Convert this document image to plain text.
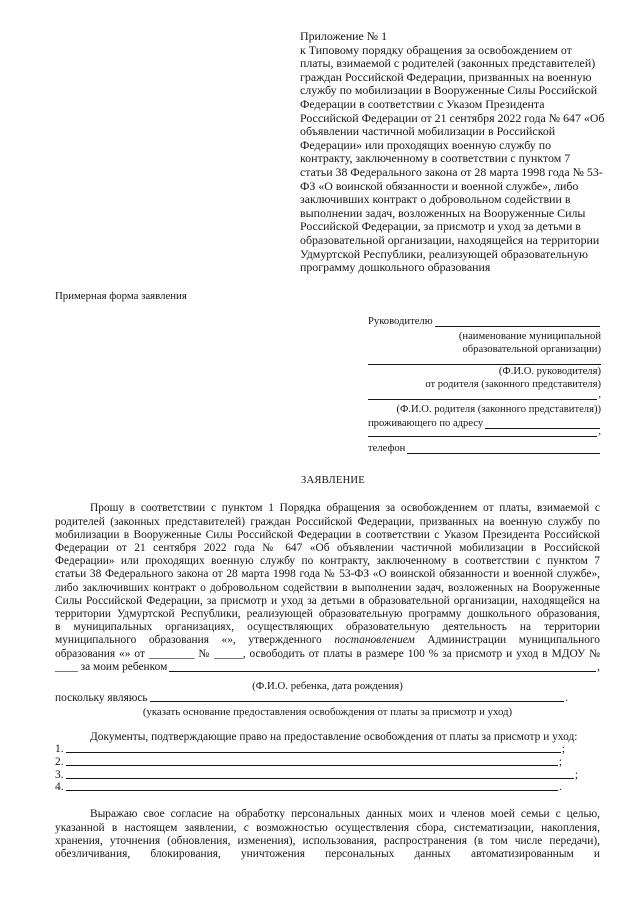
Приложение № 1
к Типовому порядку обращения за освобождением от
платы, взимаемой с родителей (законных представителей)
граждан Российской Федерации, призванных на военную
службу по мобилизации в Вооруженные Силы Российской
Федерации в соответствии с Указом Президента
Российской Федерации от 21 сентября 2022 года № 647 «Об
объявлении частичной мобилизации в Российской
Федерации» или проходящих военную службу по
контракту, заключенному в соответствии с пунктом 7
статьи 38 Федерального закона от 28 марта 1998 года № 53-
ФЗ «О воинской обязанности и военной службе», либо
заключивших контракт о добровольном содействии в
выполнении задач, возложенных на Вооруженные Силы
Российской Федерации, за присмотр и уход за детьми в
образовательной организации, находящейся на территории
Удмуртской Республики, реализующей образовательную
программу дошкольного образования
Примерная форма заявления
Руководителю
(наименование муниципальной
образовательной организации)
(Ф.И.О. руководителя)
от родителя (законного представителя)
,
(Ф.И.О. родителя (законного представителя))
проживающего по адресу
,
телефон
ЗАЯВЛЕНИЕ
Прошу в соответствии с пунктом 1 Порядка обращения за освобождением от платы, взимаемой с
родителей (законных представителей) граждан Российской Федерации, призванных на военную службу по
мобилизации в Вооруженные Силы Российской Федерации в соответствии с Указом Президента Российской
Федерации от 21 сентября 2022 года № 647 «Об объявлении частичной мобилизации в Российской
Федерации» или проходящих военную службу по контракту, заключенному в соответствии с пунктом 7
статьи 38 Федерального закона от 28 марта 1998 года № 53-ФЗ «О воинской обязанности и военной службе»,
либо заключивших контракт о добровольном содействии в выполнении задач, возложенных на Вооруженные
Силы Российской Федерации, за присмотр и уход за детьми в образовательной организации, находящейся на
территории Удмуртской Республики, реализующей образовательную программу дошкольного образования,
в муниципальных организациях, осуществляющих образовательную деятельность на территории
муниципального образования «», утвержденного постановлением Администрации муниципального
образования «» от ________ № _____, освободить от платы в размере 100 % за присмотр и уход в МДОУ №
____ за моим ребенком	,
(Ф.И.О. ребенка, дата рождения)
поскольку являюсь	.
(указать основание предоставления освобождения от платы за присмотр и уход)
Документы, подтверждающие право на предоставление освобождения от платы за присмотр и уход:
1.	;
2.	;
3.	;
4.	.
Выражаю свое согласие на обработку персональных данных моих и членов моей семьи с целью,
указанной в настоящем заявлении, с возможностью осуществления сбора, систематизации, накопления,
хранения, уточнения (обновления, изменения), использования, распространения (в том числе передачи),
обезличивания, блокирования, уничтожения персональных данных автоматизированным и
